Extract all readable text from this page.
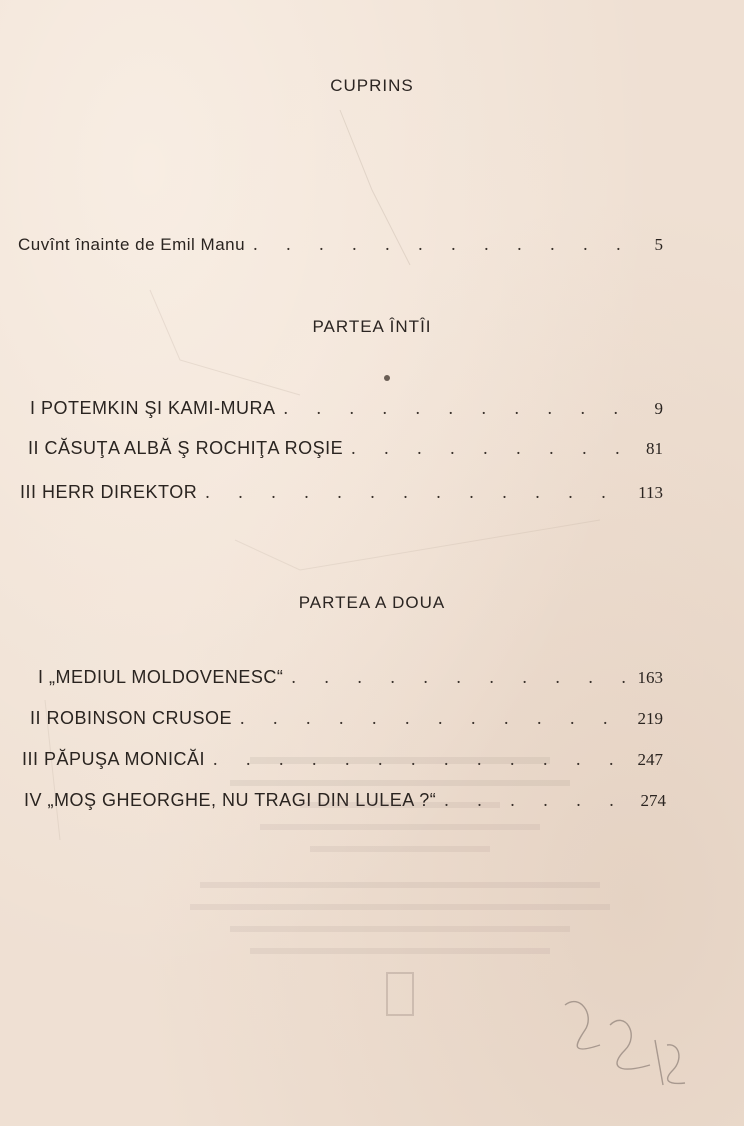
CUPRINS
Cuvînt înainte de Emil Manu . . .	5
PARTEA ÎNTÎI
I POTEMKIN ŞI KAMI-MURA . . .	9
II CĂSUŢA ALBĂ Ş ROCHIŢA ROŞIE . . .	81
III HERR DIREKTOR . . .	113
PARTEA A DOUA
I „MEDIUL MOLDOVENESC“ . . .	163
II ROBINSON CRUSOE . . .	219
III PĂPUŞA MONICĂI . . .	247
IV „MOŞ GHEORGHE, NU TRAGI DIN LULEA ?“ . . .	274
